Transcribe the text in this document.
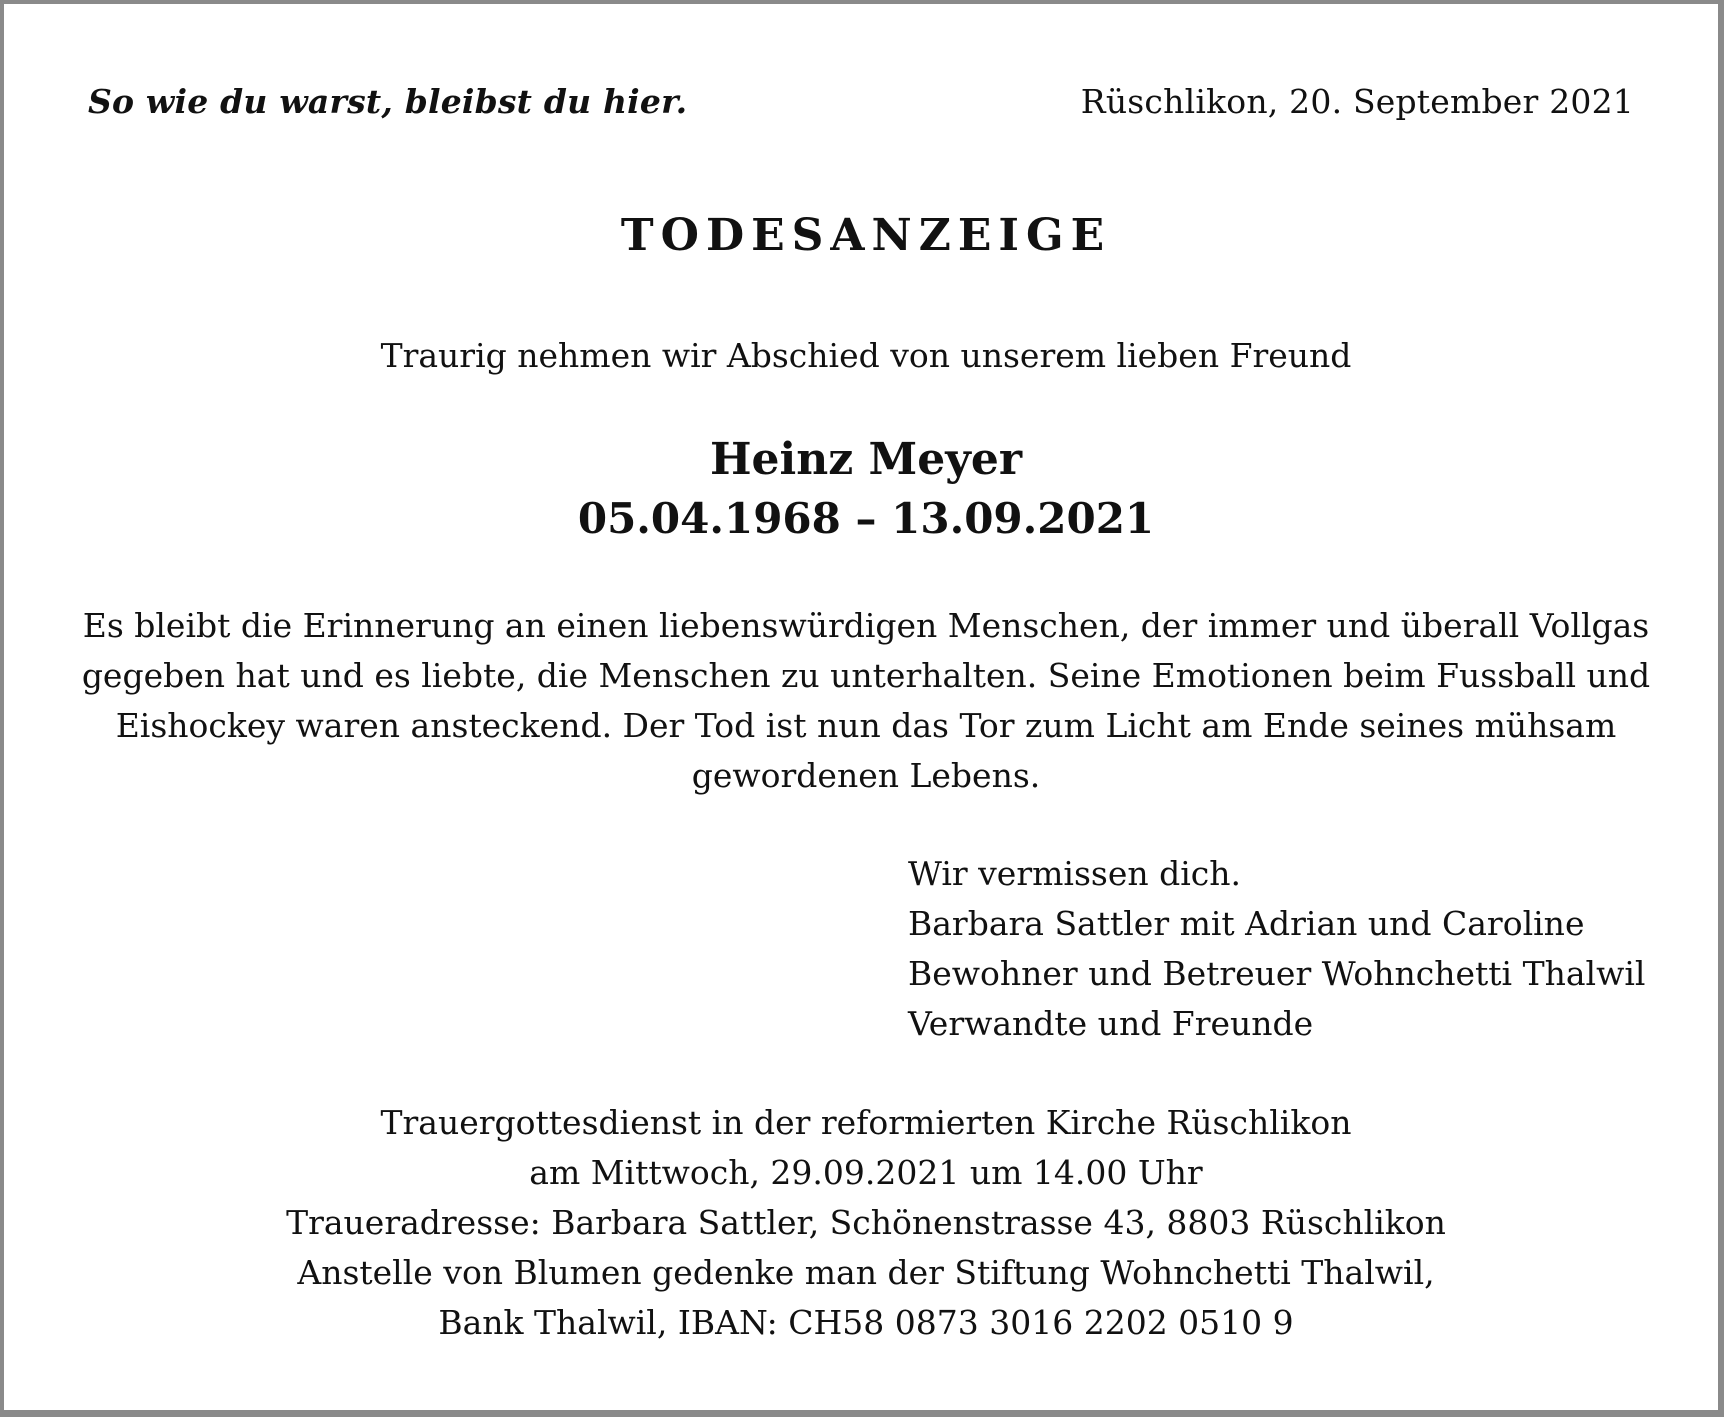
So wie du warst, bleibst du hier.	Rüschlikon, 20. September 2021
TODESANZEIGE
Traurig nehmen wir Abschied von unserem lieben Freund
Heinz Meyer
05.04.1968 – 13.09.2021
Es bleibt die Erinnerung an einen liebenswürdigen Menschen, der immer und überall Vollgas
gegeben hat und es liebte, die Menschen zu unterhalten. Seine Emotionen beim Fussball und
Eishockey waren ansteckend. Der Tod ist nun das Tor zum Licht am Ende seines mühsam
gewordenen Lebens.
Wir vermissen dich.
Barbara Sattler mit Adrian und Caroline
Bewohner und Betreuer Wohnchetti Thalwil
Verwandte und Freunde
Trauergottesdienst in der reformierten Kirche Rüschlikon
am Mittwoch, 29.09.2021 um 14.00 Uhr
Traueradresse: Barbara Sattler, Schönenstrasse 43, 8803 Rüschlikon
Anstelle von Blumen gedenke man der Stiftung Wohnchetti Thalwil,
Bank Thalwil, IBAN: CH58 0873 3016 2202 0510 9
